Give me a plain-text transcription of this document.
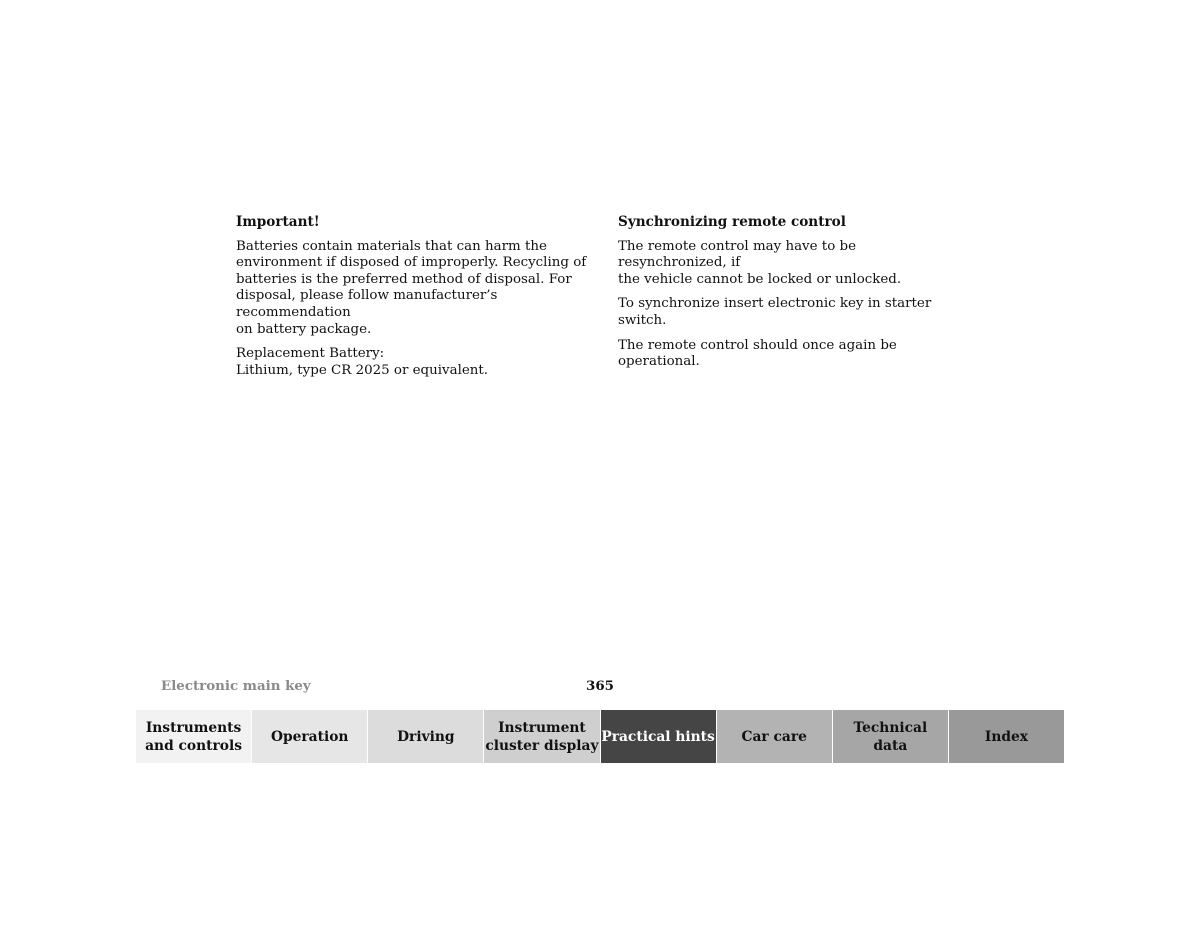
Important!

Batteries contain materials that can harm the
environment if disposed of improperly. Recycling of
batteries is the preferred method of disposal. For
disposal, please follow manufacturer’s recommendation
on battery package.

Replacement Battery:
Lithium, type CR 2025 or equivalent.

Synchronizing remote control

The remote control may have to be resynchronized, if
the vehicle cannot be locked or unlocked.

To synchronize insert electronic key in starter switch.

The remote control should once again be operational.

Electronic main key	365
Instruments
and controls
Operation	Driving
Instrument
cluster display
Practical hints	Car care
Technical
data
Index
